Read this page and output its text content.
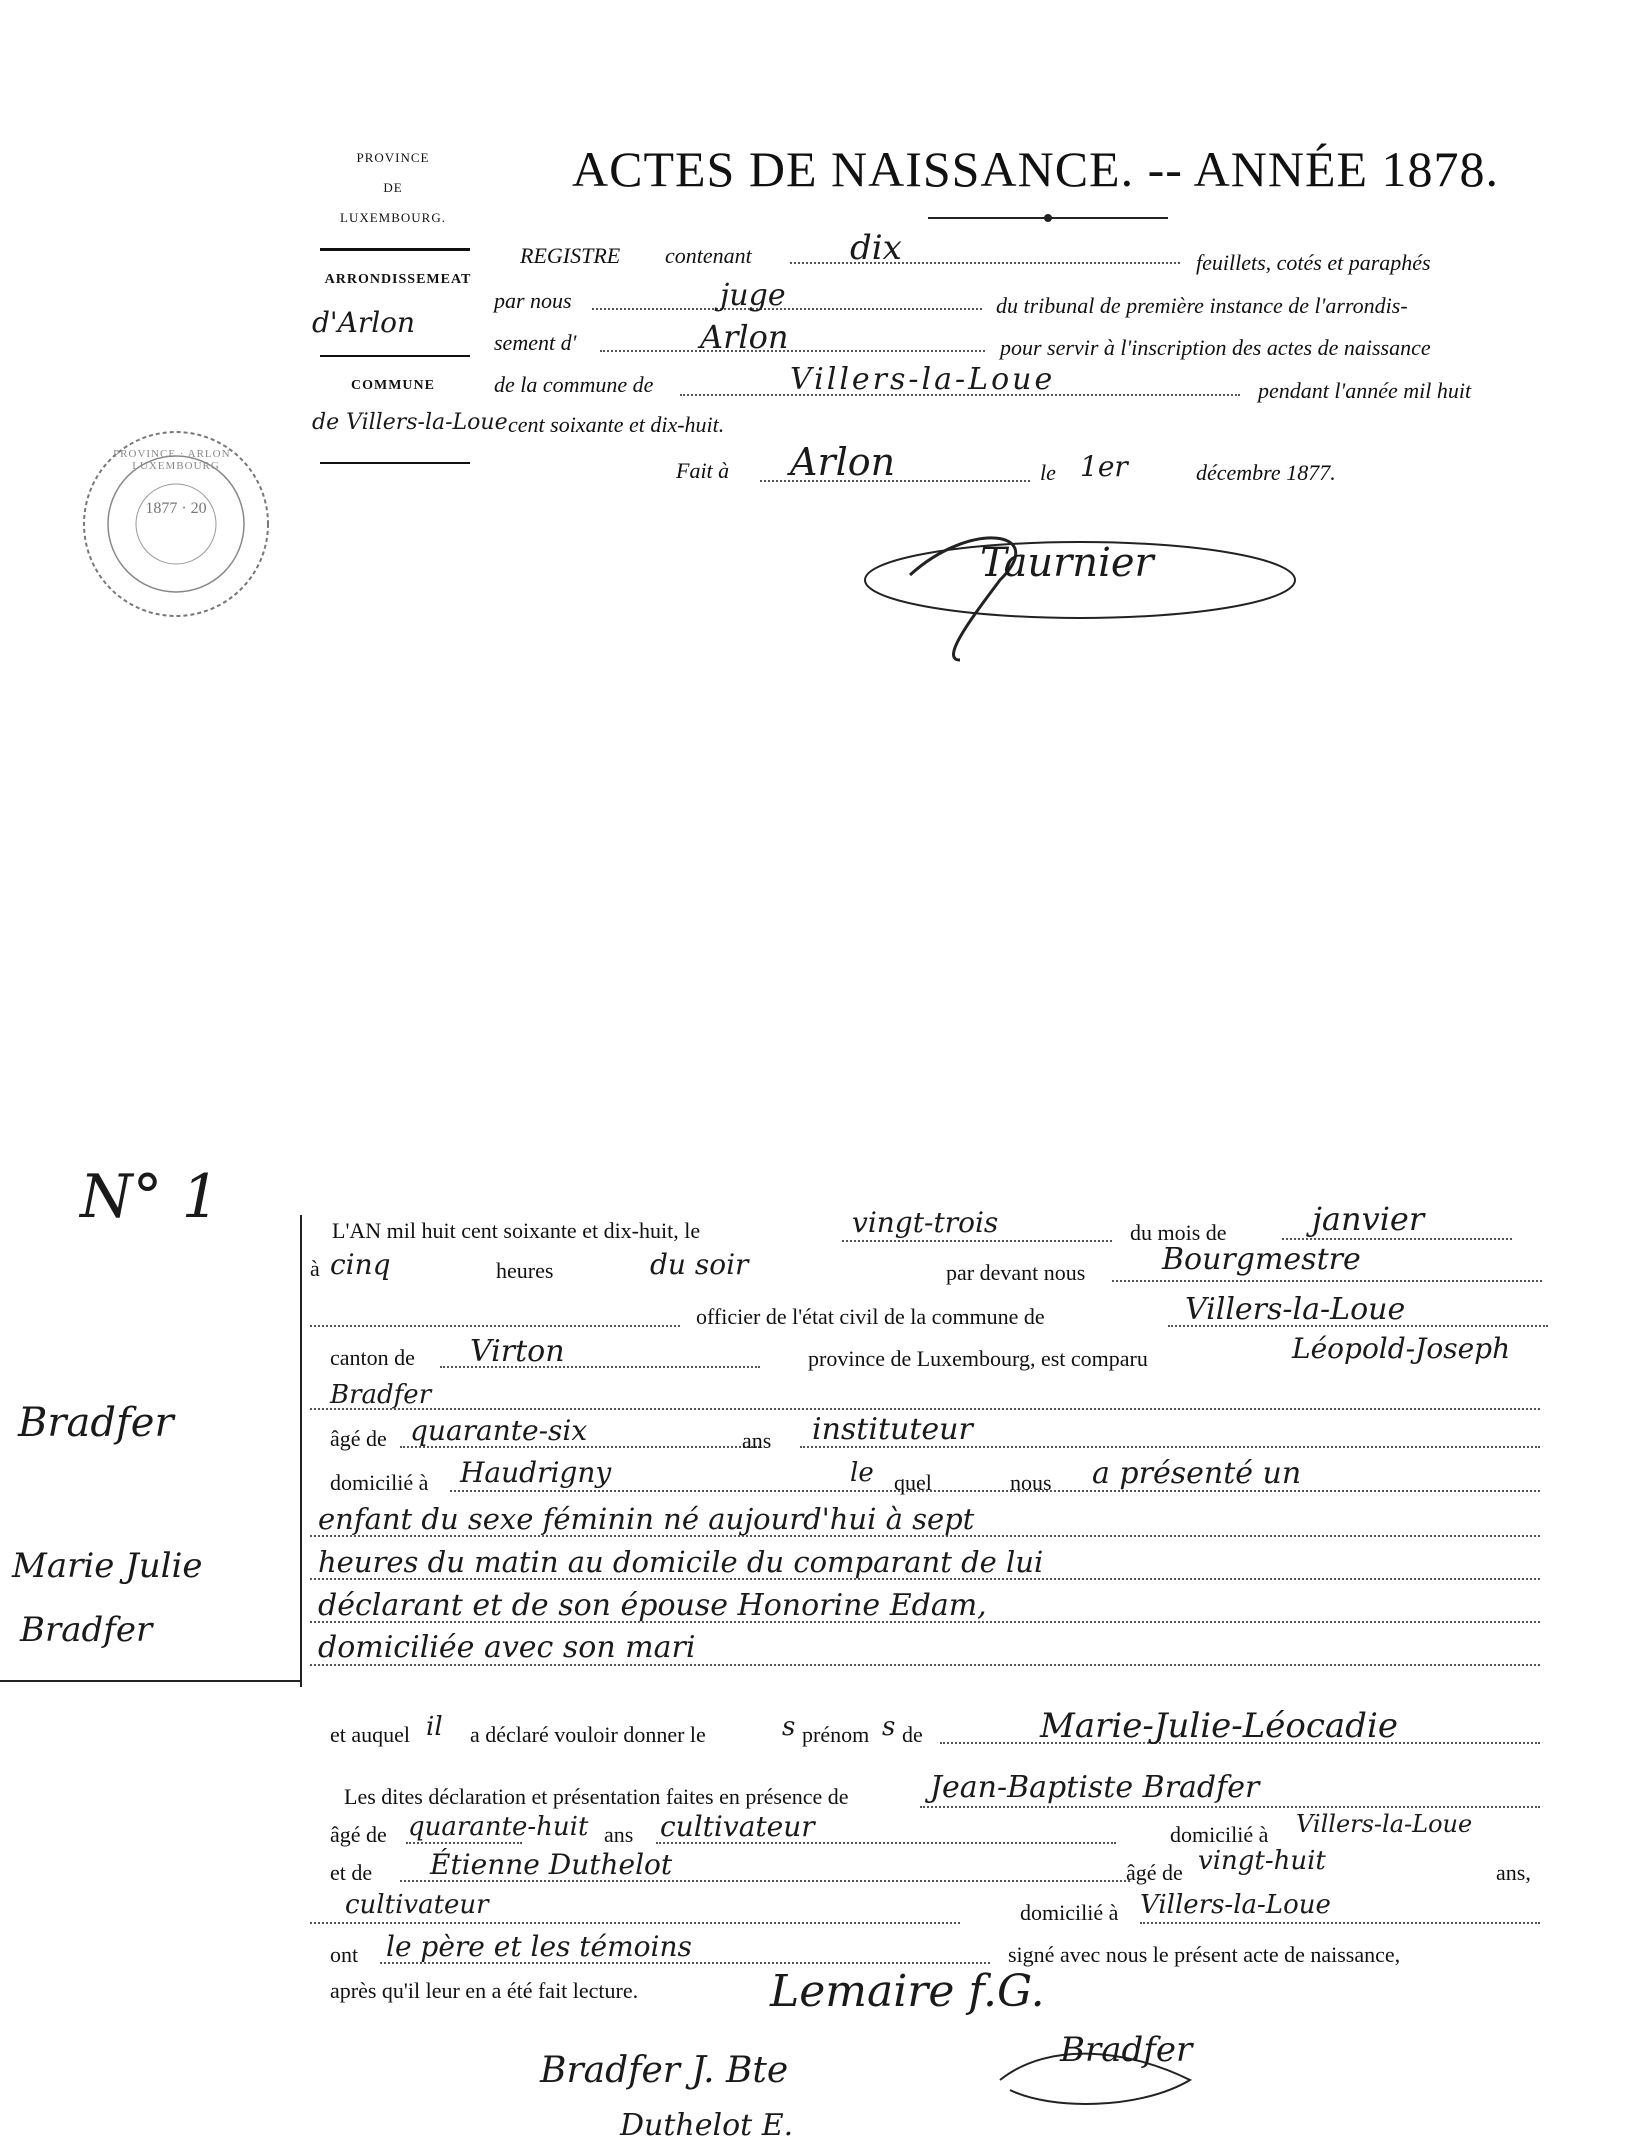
PROVINCE
DE
LUXEMBOURG.
ARRONDISSEMEAT
d'Arlon
COMMUNE
de Villers-la-Loue
ACTES DE NAISSANCE. -- ANNÉE 1878.
REGISTRE contenant	dix	feuillets, cotés et paraphés
par nous	juge	du tribunal de première instance de l'arrondis-
sement d'	Arlon	pour servir à l'inscription des actes de naissance
de la commune de	Villers-la-Loue	pendant l'année mil huit
cent soixante et dix-huit.
Fait à Arlon	le 1er	décembre 1877.
Taurnier
1877 · 20
PROVINCE · ARLON · LUXEMBOURG
N° 1
Bradfer
Marie Julie
Bradfer
L'AN mil huit cent soixante et dix-huit, le	vingt-trois	du mois de	janvier
à cinq	heures	du soir	par devant nous	Bourgmestre
officier de l'état civil de la commune de	Villers-la-Loue
canton de Virton	province de Luxembourg, est comparu	Léopold-Joseph
Bradfer
âgé de quarante-six	ans instituteur
domicilié à Haudrigny	le quel	nous a présenté un
enfant du sexe féminin né aujourd'hui à sept
heures du matin au domicile du comparant de lui
déclarant et de son épouse Honorine Edam,
domiciliée avec son mari
et auquel il a déclaré vouloir donner le	s prénom s de	Marie-Julie-Léocadie
Les dites déclaration et présentation faites en présence de	Jean-Baptiste Bradfer
âgé de quarante-huit ans cultivateur	domicilié à Villers-la-Loue
et de Étienne Duthelot	âgé de vingt-huit	ans,
cultivateur	domicilié à Villers-la-Loue
ont le père et les témoins	signé avec nous le présent acte de naissance,
après qu'il leur en a été fait lecture.	Lemaire f.G.
Bradfer
Bradfer J. Bte
Duthelot E.
